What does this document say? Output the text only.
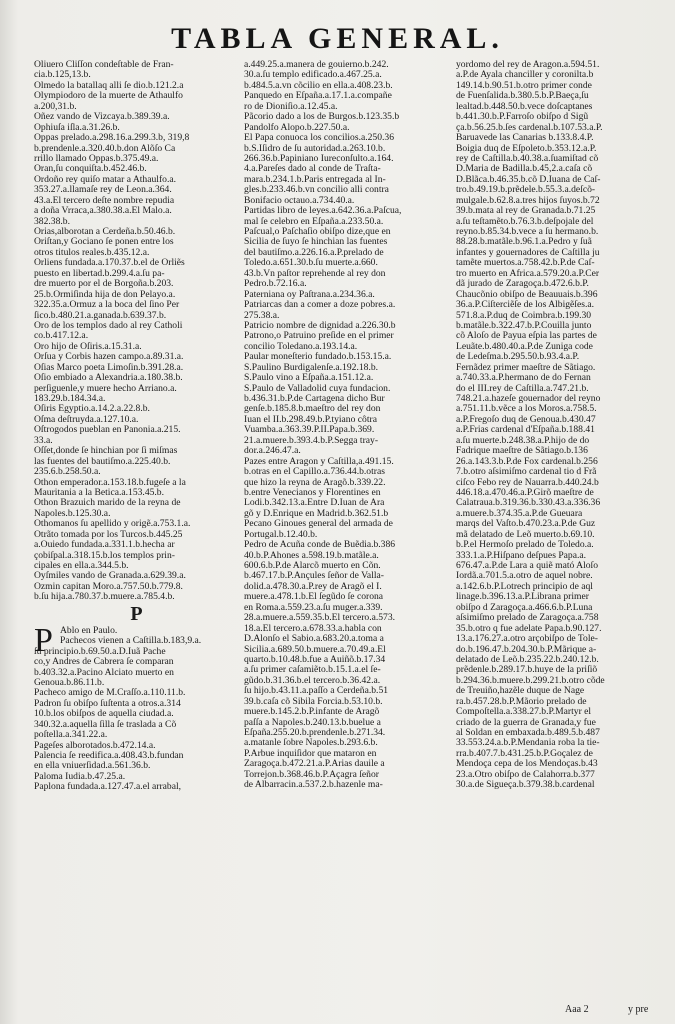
TABLA GENERAL.
Oliuero Cliſſon condeſtable de Fran-
cia.b.125,13.b.
Olmedo la batallaq alli ſe dio.b.121.2.a
Olympiodoro de la muerte de Athaulfo
a.200,31.b.
Oñez vando de Vizcaya.b.389.39.a.
Ophiuſa iſla.a.31.26.b.
Oppas prelado.a.298.16.a.299.3.b, 319,8
b.prendenle.a.320.40.b.don Alõſo Ca
rrillo llamado Oppas.b.375.49.a.
Oran,ſu conquiſta.b.452.46.b.
Ordoño rey quiſo matar a Athaulfo.a.
353.27.a.llamaſe rey de Leon.a.364.
43.a.El tercero deſte nombre repudia
a doña Vrraca,a.380.38.a.El Malo.a.
382.38.b.
Orias,alborotan a Cerdeña.b.50.46.b.
Oriſtan,y Gociano ſe ponen entre los
otros titulos reales.b.435.12.a.
Orliens fundada.a.170.37.b.el de Orliẽs
puesto en libertad.b.299.4.a.ſu pa-
dre muerto por el de Borgoña.b.203.
25.b.Ormiſinda hija de don Pelayo.a.
322.35.a.Ormuz a la boca del ſino Per
ſico.b.480.21.a.ganada.b.639.37.b.
Oro de los templos dado al rey Catholi
co.b.417.12.a.
Oro hijo de Oſiris.a.15.31.a.
Orſua y Corbis hazen campo.a.89.31.a.
Oſias Marco poeta Limoſin.b.391.28.a.
Oſio embiado a Alexandria.a.180.38.b.
perſiguenle,y muere hecho Arriano.a.
183.29.b.184.34.a.
Oſiris Egyptio.a.14.2.a.22.8.b.
Oſma deſtruyda.a.127.10.a.
Oſtrogodos pueblan en Panonia.a.215.
33.a.
Oſſet,donde ſe hinchian por ſi miſmas
las fuentes del bautiſmo.a.225.40.b.
235.6.b.258.50.a.
Othon emperador.a.153.18.b.fugeſe a la
Mauritania a la Betica.a.153.45.b.
Othon Brazuich marido de la reyna de
Napoles.b.125.30.a.
Othomanos ſu apellido y origẽ.a.753.1.a.
Otrãto tomada por los Turcos.b.445.25
a.Ouiedo fundada.a.331.1.b.hecha ar
çobiſpal.a.318.15.b.los templos prin-
cipales en ella.a.344.5.b.
Oyſmiles vando de Granada.a.629.39.a.
Ozmin capitan Moro.a.757.50.b.779.8.
b.ſu hija.a.780.37.b.muere.a.785.4.b.
P
P Ablo en Paulo.
Pachecos vienen a Caſtilla.b.183,9.a.
ſu principio.b.69.50.a.D.Iuã Pache
co,y Andres de Cabrera ſe comparan
b.403.32.a.Pacino Alciato muerto en
Genoua.b.86.11.b.
Pacheco amigo de M.Craſſo.a.110.11.b.
Padron ſu obiſpo ſuſtenta a otros.a.314
10.b.los obiſpos de aquella ciudad.a.
340.32.a.aquella ſilla ſe traslada a Cõ
poſtella.a.341.22.a.
Pageſes alborotados.b.472.14.a.
Palencia ſe reedifica.a.408.43.b.fundan
en ella vniuerſidad.a.561.36.b.
Paloma Iudia.b.47.25.a.
Paplona fundada.a.127.47.a.el arrabal,
a.449.25.a.manera de gouierno.b.242.
30.a.ſu templo edificado.a.467.25.a.
b.484.5.a.vn cõcilio en ella.a.408.23.b.
Panquedo en Eſpaña.a.17.1.a.compañe
ro de Dioniſio.a.12.45.a.
Pãcorio dado a los de Burgos.b.123.35.b
Pandolfo Alopo.b.227.50.a.
El Papa conuoca los concilios.a.250.36
b.S.Iſidro de ſu autoridad.a.263.10.b.
266.36.b.Papiniano Iureconſulto.a.164.
4.a.Pareſes dado al conde de Traſta-
mara.b.234.1.b.Paris entregada al In-
gles.b.233.46.b.vn concilio alli contra
Bonifacio octauo.a.734.40.a.
Partidas libro de leyes.a.642.36.a.Paſcua,
mal ſe celebro en Eſpaña.a.233.50.a.
Paſcual,o Paſchaſio obiſpo dize,que en
Sicilia de ſuyo ſe hinchian las fuentes
del bautiſmo.a.226.16.a.P.prelado de
Toledo.a.651.30.b.ſu muerte.a.660.
43.b.Vn paſtor reprehende al rey don
Pedro.b.72.16.a.
Paterniana oy Paſtrana.a.234.36.a.
Patriarcas dan a comer a doze pobres.a.
275.38.a.
Patricio nombre de dignidad a.226.30.b
Patrono,o Patruino preſide en el primer
concilio Toledano.a.193.14.a.
Paular moneſterio fundado.b.153.15.a.
S.Paulino Burdigalenſe.a.192.18.b.
S.Paulo vino a Eſpaña.a.151.12.a.
S.Paulo de Valladolid cuya fundacion.
b.436.31.b.P.de Cartagena dicho Bur
genſe.b.185.8.b.maeſtro del rey don
Iuan el II.b.298.49.b.P.tyiano côtra
Vuamba.a.363.39.P.II.Papa.b.369.
21.a.muere.b.393.4.b.P.Segga tray-
dor.a.246.47.a.
Pazes entre Aragon y Caſtilla,a.491.15.
b.otras en el Capillo.a.736.44.b.otras
que hizo la reyna de Aragõ.b.339.22.
b.entre Venecianos y Florentines en
Lodi.b.342.13.a.Entre D.Iuan de Ara
gõ y D.Enrique en Madrid.b.362.51.b
Pecano Ginoues general del armada de
Portugal.b.12.40.b.
Pedro de Acuña conde de Buẽdia.b.386
40.b.P.Ahones a.598.19.b.matãle.a.
600.6.b.P.de Alarcõ muerto en Cõn.
b.467.17.b.P.Ançules ſeñor de Valla-
dolid.a.478.30.a.P.rey de Aragõ el I.
muere.a.478.1.b.El ſegũdo ſe corona
en Roma.a.559.23.a.ſu muger.a.339.
28.a.muere.a.559.35.b.El tercero.a.573.
18.a.El tercero.a.678.33.a.habla con
D.Alonſo el Sabio.a.683.20.a.toma a
Sicilia.a.689.50.b.muere.a.70.49.a.El
quarto.b.10.48.b.fue a Auiñõ.b.17.34
a.ſu primer caſamiẽto.b.15.1.a.el ſe-
gũdo.b.31.36.b.el tercero.b.36.42.a.
ſu hijo.b.43.11.a.paſſo a Cerdeña.b.51
39.b.caſa cõ Sibila Forcia.b.53.10.b.
muere.b.145.2.b.P.infante de Aragõ
paſſa a Napoles.b.240.13.b.buelue a
Eſpaña.255.20.b.prendenle.b.271.34.
a.matanle ſobre Napoles.b.293.6.b.
P.Arbue inquiſidor que mataron en
Zaragoça.b.472.21.a.P.Arias dauile a
Torrejon.b.368.46.b.P.Açagra ſeñor
de Albarracin.a.537.2.b.hazenle ma-
yordomo del rey de Aragon.a.594.51.
a.P.de Ayala chanciller y coronilta.b
149.14.b.90.51.b.otro primer conde
de Fuenſalida.b.380.5.b.P.Baeça,ſu
lealtad.b.448.50.b.vece doſcaptanes
b.441.30.b.P.Farroſo obiſpo d Sigũ
ça.b.56.25.b.ſes cardenal.b.107.53.a.P.
Baruavede las Canarias b.133.8.4.P.
Boigia duq de Eſpoleto.b.353.12.a.P.
rey de Caſtilla.b.40.38.a.ſuamiſtad cõ
D.Maria de Badilla.b.45,2.a.caſa cõ
D.Blãca.b.46.35.b.cõ D.Iuana de Caſ-
tro.b.49.19.b.prẽdele.b.55.3.a.deſcõ-
mulgale.b.62.8.a.tres hijos ſuyos.b.72
39.b.mata al rey de Granada.b.71.25
a.ſu teſtamẽto.b.76.3.b.deſpojale del
reyno.b.85.34.b.vece a ſu hermano.b.
88.28.b.matãle.b.96.1.a.Pedro y ſuã
infantes y gouernadores de Caſtilla ju
tamẽte muertos.a.758.42.b.P.de Caſ-
tro muerto en Africa.a.579.20.a.P.Cer
dã jurado de Zaragoça.b.472.6.b.P.
Chaucõnio obiſpo de Beauuais.b.396
36.a.P.Ciſterciẽſe de los Albigẽſes.a.
571.8.a.P.duq de Coimbra.b.199.30
b.matãle.b.322.47.b.P.Couilla junto
cõ Aloſo de Payua eſpia las partes de
Leuãte.b.480.40.a.P.de Zuniga code
de Ledeſma.b.295.50.b.93.4.a.P.
Fernãdez primer maeſtre de Sãtiago.
a.740.33.a.P.hermano de do Fernan
do el III.rey de Caſtilla.a.747.21.b.
748.21.a.hazeſe gouernador del reyno
a.751.11.b.vẽce a los Moros.a.758.5.
a.P.Fregoſo duq de Genoua.b.430.47
a.P.Frias cardenal d'Eſpaña.b.188.41
a.ſu muerte.b.248.38.a.P.hijo de do
Fadrique maeſtre de Sãtiago.b.136
26.a.143.3.b.P.de Fox cardenal.b.256
7.b.otro aſsimiſmo cardenal tio d Frã
ciſco Febo rey de Nauarra.b.440.24.b
446.18.a.470.46.a.P.Girõ maeſtre de
Calatraua.b.319.36.b.330.43.a.336.36
a.muere.b.374.35.a.P.de Gueuara
marqs del Vaſto.b.470.23.a.P.de Guz
mã delatado de Leõ muerto.b.69.10.
b.P.el Hermoſo prelado de Toledo.a.
333.1.a.P.Hiſpano deſpues Papa.a.
676.47.a.P.de Lara a quiẽ mató Aloſo
Iordã.a.701.5.a.otro de aquel nobre.
a.142.6.b.P.Lotrech principio de aql
linage.b.396.13.a.P.Librana primer
obiſpo d Zaragoça.a.466.6.b.P.Luna
aſsimiſmo prelado de Zaragoça.a.758
35.b.otro q fue adelate Papa.b.90.127.
13.a.176.27.a.otro arçobiſpo de Tole-
do.b.196.47.b.204.30.b.P.Mãrique a-
delatado de Leõ.b.235.22.b.240.12.b.
prẽdenle.b.289.17.b.huye de la priſiõ
b.294.36.b.muere.b.299.21.b.otro cõde
de Treuiño,hazẽle duque de Nage
ra.b.457.28.b.P.Mãorio prelado de
Compoſtella.a.338.27.b.P.Martyr el
criado de la guerra de Granada,y fue
al Soldan en embaxada.b.489.5.b.487
33.553.24.a.b.P.Mendania roba la tie-
rra.b.407.7.b.431.25.b.P.Goçalez de
Mendoça cepa de los Mendoças.b.43
23.a.Otro obiſpo de Calahorra.b.377
30.a.de Sigueça.b.379.38.b.cardenal
Aaa 2	y pre
